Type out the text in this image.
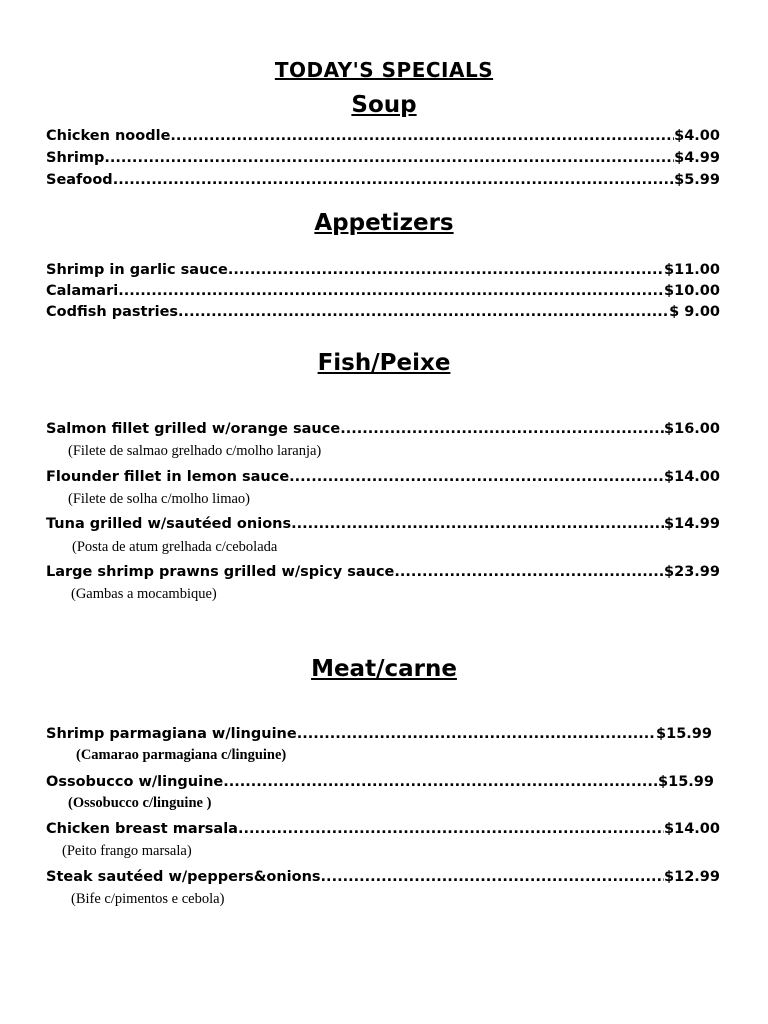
TODAY'S SPECIALS
Soup
Chicken noodle .....	$4.00
Shrimp .....	$4.99
Seafood .....	$5.99
Appetizers
Shrimp in garlic sauce .....	$11.00
Calamari .....	$10.00
Codfish pastries .....	$ 9.00
Fish/Peixe
Salmon fillet grilled w/orange sauce .....	$16.00
(Filete de salmao grelhado c/molho laranja)
Flounder fillet in lemon sauce .....	$14.00
(Filete de solha c/molho limao)
Tuna grilled w/sautéed onions .....	$14.99
(Posta de atum grelhada c/cebolada
Large shrimp prawns grilled w/spicy sauce .....	$23.99
(Gambas a mocambique)
Meat/carne
Shrimp parmagiana w/linguine .....	$15.99
(Camarao parmagiana c/linguine)
Ossobucco w/linguine.. .....	$15.99
(Ossobucco c/linguine )
Chicken breast marsala .....	$14.00
(Peito frango marsala)
Steak sautéed w/peppers&onions .....	$12.99
(Bife c/pimentos e cebola)
